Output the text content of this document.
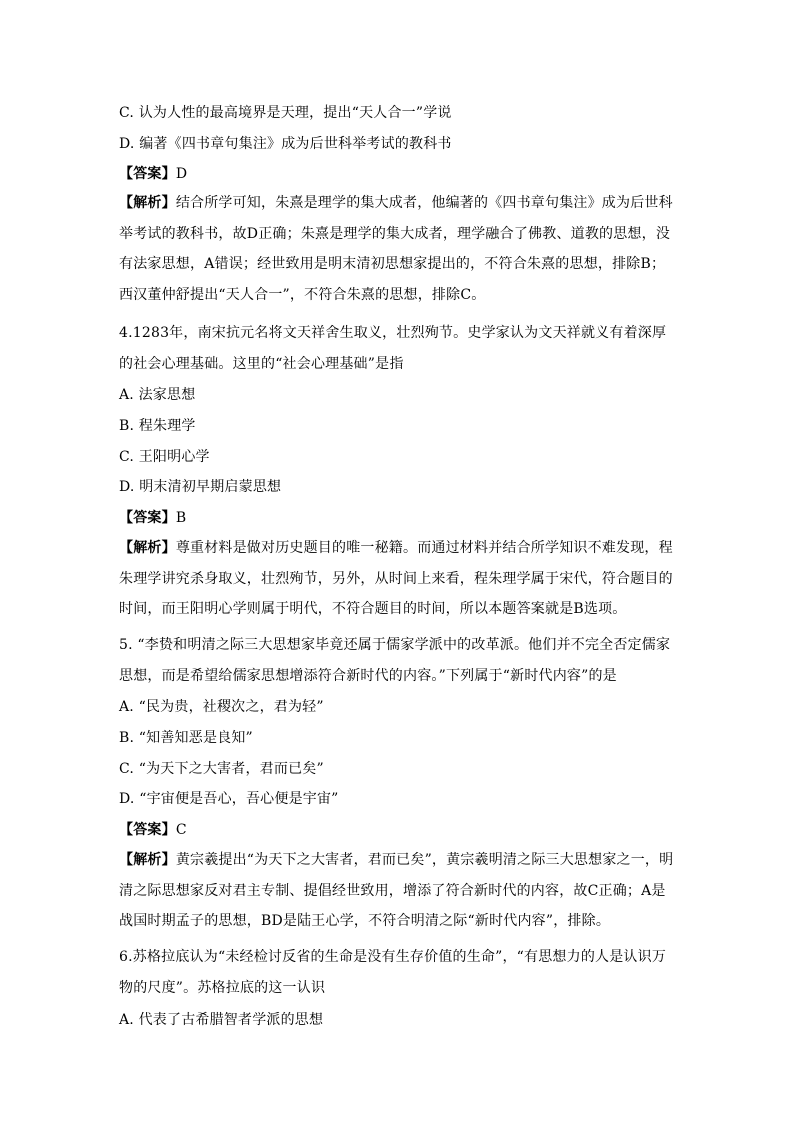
C. 认为人性的最高境界是天理，提出“天人合一”学说
D. 编著《四书章句集注》成为后世科举考试的教科书
【答案】D
【解析】结合所学可知，朱熹是理学的集大成者，他编著的《四书章句集注》成为后世科举考试的教科书，故D正确；朱熹是理学的集大成者，理学融合了佛教、道教的思想，没有法家思想，A错误；经世致用是明末清初思想家提出的，不符合朱熹的思想，排除B；西汉董仲舒提出“天人合一”，不符合朱熹的思想，排除C。
4.1283年，南宋抗元名将文天祥舍生取义，壮烈殉节。史学家认为文天祥就义有着深厚的社会心理基础。这里的“社会心理基础”是指
A. 法家思想
B. 程朱理学
C. 王阳明心学
D. 明末清初早期启蒙思想
【答案】B
【解析】尊重材料是做对历史题目的唯一秘籍。而通过材料并结合所学知识不难发现，程朱理学讲究杀身取义，壮烈殉节，另外，从时间上来看，程朱理学属于宋代，符合题目的时间，而王阳明心学则属于明代，不符合题目的时间，所以本题答案就是B选项。
5. “李贽和明清之际三大思想家毕竟还属于儒家学派中的改革派。他们并不完全否定儒家思想，而是希望给儒家思想增添符合新时代的内容。”下列属于“新时代内容”的是
A. “民为贵，社稷次之，君为轻”
B. “知善知恶是良知”
C. “为天下之大害者，君而已矣”
D. “宇宙便是吾心，吾心便是宇宙”
【答案】C
【解析】黄宗羲提出“为天下之大害者，君而已矣”，黄宗羲明清之际三大思想家之一，明清之际思想家反对君主专制、提倡经世致用，增添了符合新时代的内容，故C正确；A是战国时期孟子的思想，BD是陆王心学，不符合明清之际“新时代内容”，排除。
6.苏格拉底认为“未经检讨反省的生命是没有生存价值的生命”，“有思想力的人是认识万物的尺度”。苏格拉底的这一认识
A. 代表了古希腊智者学派的思想
